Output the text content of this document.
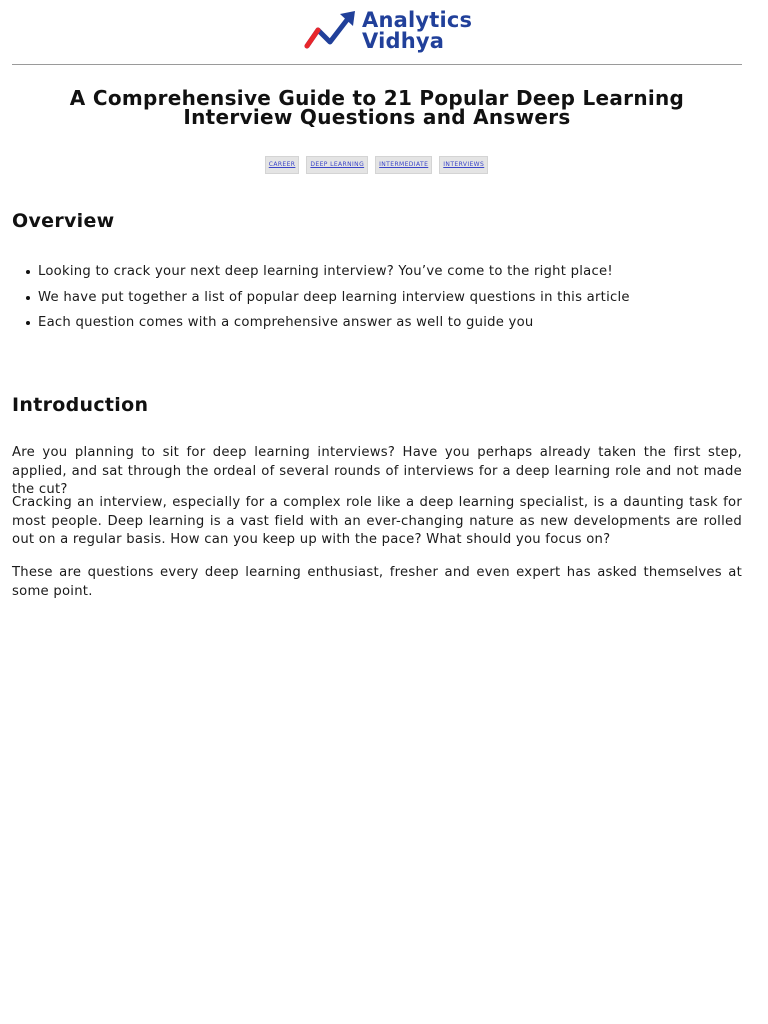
Analytics
Vidhya
A Comprehensive Guide to 21 Popular Deep Learning Interview Questions and Answers
CAREER	DEEP LEARNING	INTERMEDIATE	INTERVIEWS
Overview
Looking to crack your next deep learning interview? You’ve come to the right place!
We have put together a list of popular deep learning interview questions in this article
Each question comes with a comprehensive answer as well to guide you
Introduction

Are you planning to sit for deep learning interviews? Have you perhaps already taken the first step, applied, and sat through the ordeal of several rounds of interviews for a deep learning role and not made the cut?

Cracking an interview, especially for a complex role like a deep learning specialist, is a daunting task for most people. Deep learning is a vast field with an ever-changing nature as new developments are rolled out on a regular basis. How can you keep up with the pace? What should you focus on?

These are questions every deep learning enthusiast, fresher and even expert has asked themselves at some point.
